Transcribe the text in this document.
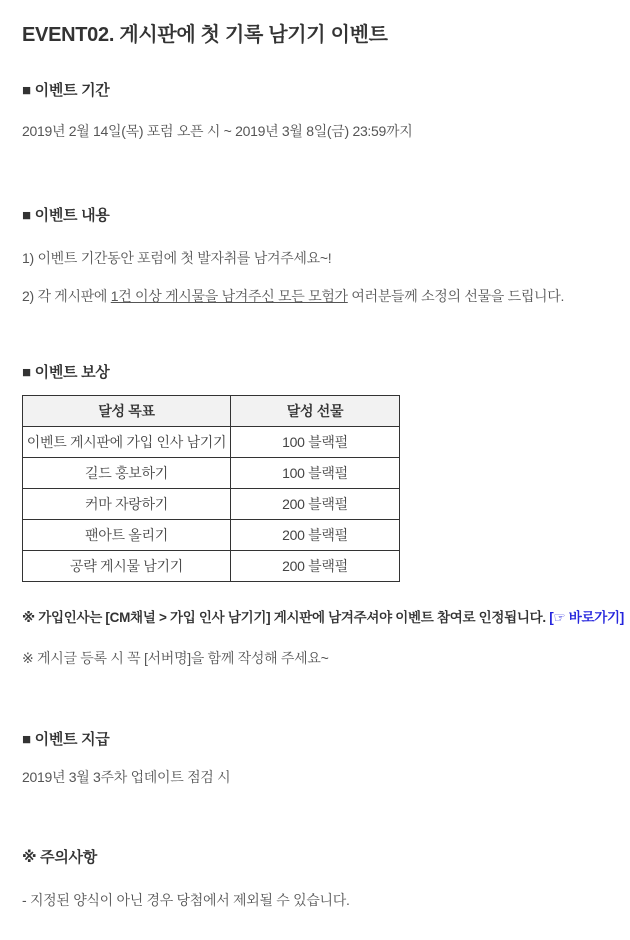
EVENT02. 게시판에 첫 기록 남기기 이벤트
■ 이벤트 기간

2019년 2월 14일(목) 포럼 오픈 시 ~ 2019년 3월 8일(금) 23:59까지

■ 이벤트 내용

1) 이벤트 기간동안 포럼에 첫 발자취를 남겨주세요~!

2) 각 게시판에 1건 이상 게시물을 남겨주신 모든 모험가 여러분들께 소정의 선물을 드립니다.

■ 이벤트 보상
달성 목표	달성 선물
이벤트 게시판에 가입 인사 남기기	100 블랙펄
길드 홍보하기	100 블랙펄
커마 자랑하기	200 블랙펄
팬아트 올리기	200 블랙펄
공략 게시물 남기기	200 블랙펄

※ 가입인사는 [CM채널 > 가입 인사 남기기] 게시판에 남겨주셔야 이벤트 참여로 인정됩니다. [☞ 바로가기]

※ 게시글 등록 시 꼭 [서버명]을 함께 작성해 주세요~

■ 이벤트 지급

2019년 3월 3주차 업데이트 점검 시

※ 주의사항

- 지정된 양식이 아닌 경우 당첨에서 제외될 수 있습니다.
